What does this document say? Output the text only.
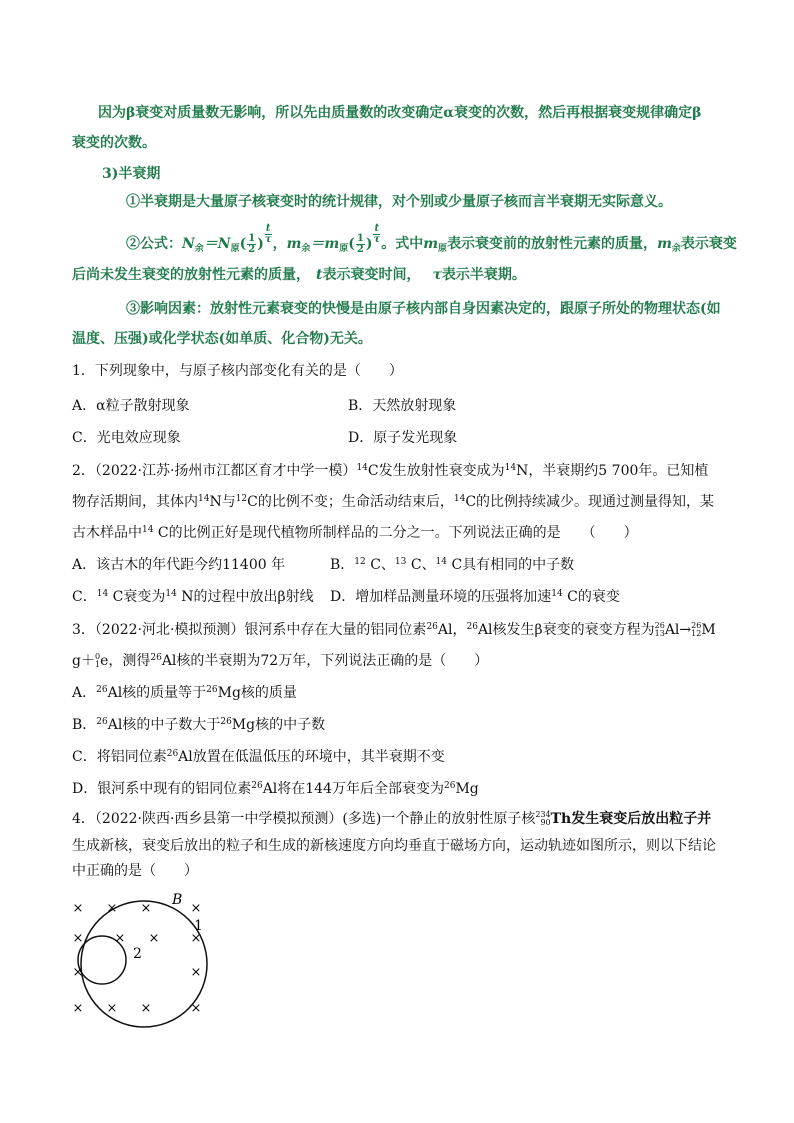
因为β衰变对质量数无影响，所以先由质量数的改变确定α衰变的次数，然后再根据衰变规律确定β
衰变的次数。
3)半衰期
①半衰期是大量原子核衰变时的统计规律，对个别或少量原子核而言半衰期无实际意义。
②公式：$N_余=N_原( \frac{1}{2}$ ) $\frac{t}{\tau}$ ，$m_余=m_原( \frac{1}{2}$ ) $\frac{t}{\tau}$ 。式中$m_原$表示衰变前的放射性元素的质量，$m_余$表示衰变
后尚未发生衰变的放射性元素的质量， t表示衰变时间， τ表示半衰期。
③影响因素：放射性元素衰变的快慢是由原子核内部自身因素决定的，跟原子所处的物理状态(如
温度、压强)或化学状态(如单质、化合物)无关。
1．下列现象中，与原子核内部变化有关的是（　　）
A．α粒子散射现象	B．天然放射现象
C．光电效应现象	D．原子发光现象
2．（2022·江苏·扬州市江都区育才中学一模）$^{14}$C发生放射性衰变成为$^{14}$N，半衰期约5 700年。已知植
物存活期间，其体内$^{14}$N与$^{12}$C的比例不变；生命活动结束后，$^{14}$C的比例持续减少。现通过测量得知，某
古木样品中$^{14}$ C的比例正好是现代植物所制样品的二分之一。下列说法正确的是　　（　　）
A．该古木的年代距今约11400 年	B．$^{12}$ C、$^{13}$ C、$^{14}$ C具有相同的中子数
C．$^{14}$ C衰变为$^{14}$ N的过程中放出β射线 D．增加样品测量环境的压强将加速$^{14}$ C的衰变
3．（2022·河北·模拟预测）银河系中存在大量的铝同位素$^{26}$Al，$^{26}$Al核发生β衰变的衰变方程为 26
13 Al→ 26
12 M
g＋ 0
1 e，测得$^{26}$Al核的半衰期为72万年，下列说法正确的是（　　）
A．$^{26}$Al核的质量等于$^{26}$Mg核的质量
B．$^{26}$Al核的中子数大于$^{26}$Mg核的中子数
C．将铝同位素$^{26}$Al放置在低温低压的环境中，其半衰期不变
D．银河系中现有的铝同位素$^{26}$Al将在144万年后全部衰变为$^{26}$Mg
4．（2022·陕西·西乡县第一中学模拟预测）(多选)一个静止的放射性原子核 234
90 Th发生衰变后放出粒子并
生成新核，衰变后放出的粒子和生成的新核速度方向均垂直于磁场方向，运动轨迹如图所示，则以下结论
中正确的是（　　）
× × ×	×
× × × ×
×	×
× × ×	×
B
1
2
